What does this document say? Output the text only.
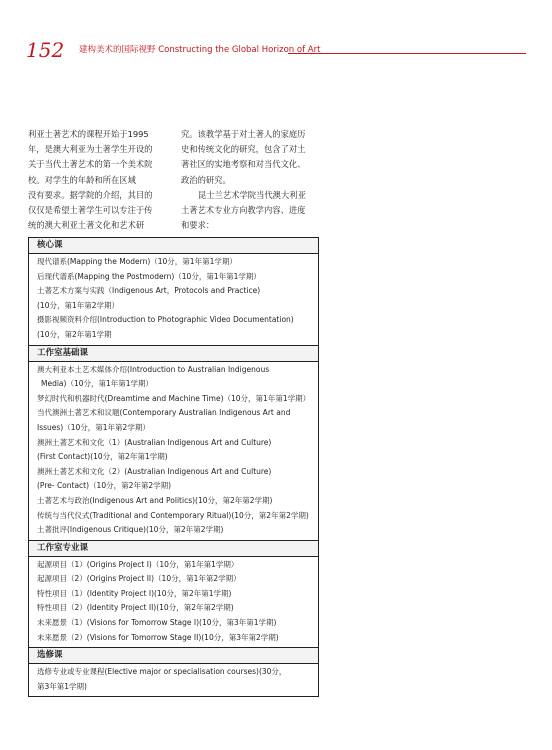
152 建构美术的国际视野 Constructing the Global Horizon of Art
利亚土著艺术的课程开始于1995
年，是澳大利亚为土著学生开设的
关于当代土著艺术的第一个美术院
校。对学生的年龄和所在区域
没有要求。据学院的介绍，其目的
仅仅是希望土著学生可以专注于传
统的澳大利亚土著文化和艺术研
究。该教学基于对土著人的家庭历
史和传统文化的研究，包含了对土
著社区的实地考察和对当代文化、
政治的研究。
昆士兰艺术学院当代澳大利亚
土著艺术专业方向教学内容、进度
和要求：
核心课
现代谱系(Mapping the Modern)（10分，第1年第1学期）
后现代谱系(Mapping the Postmodern)（10分，第1年第1学期）
土著艺术方案与实践（Indigenous Art，Protocols and Practice)
(10分，第1年第2学期）
摄影视频资料介绍(Introduction to Photographic Video Documentation)
(10分，第2年第1学期
工作室基础课
澳大利亚本土艺术媒体介绍(Introduction to Australian Indigenous
Media)（10分，第1年第1学期）
梦幻时代和机器时代(Dreamtime and Machine Time)（10分，第1年第1学期）
当代澳洲土著艺术和议题(Contemporary Australian Indigenous Art and
Issues)（10分，第1年第2学期）
澳洲土著艺术和文化（1）(Australian Indigenous Art and Culture)
(First Contact)(10分，第2年第1学期)
澳洲土著艺术和文化（2）(Australian Indigenous Art and Culture)
(Pre- Contact)（10分，第2年第2学期)
土著艺术与政治(Indigenous Art and Politics)(10分，第2年第2学期)
传统与当代仪式(Traditional and Contemporary Ritual)(10分，第2年第2学期)
土著批评(Indigenous Critique)(10分，第2年第2学期)
工作室专业课
起源项目（1）(Origins Project I)（10分，第1年第1学期）
起源项目（2）(Origins Project II)（10分，第1年第2学期）
特性项目（1）(Identity Project I)(10分，第2年第1学期)
特性项目（2）(Identity Project II)(10分，第2年第2学期)
未来愿景（1）(Visions for Tomorrow Stage I)(10分，第3年第1学期)
未来愿景（2）(Visions for Tomorrow Stage II)(10分，第3年第2学期)
选修课
选修专业或专业课程(Elective major or specialisation courses)(30分，
第3年第1学期)
